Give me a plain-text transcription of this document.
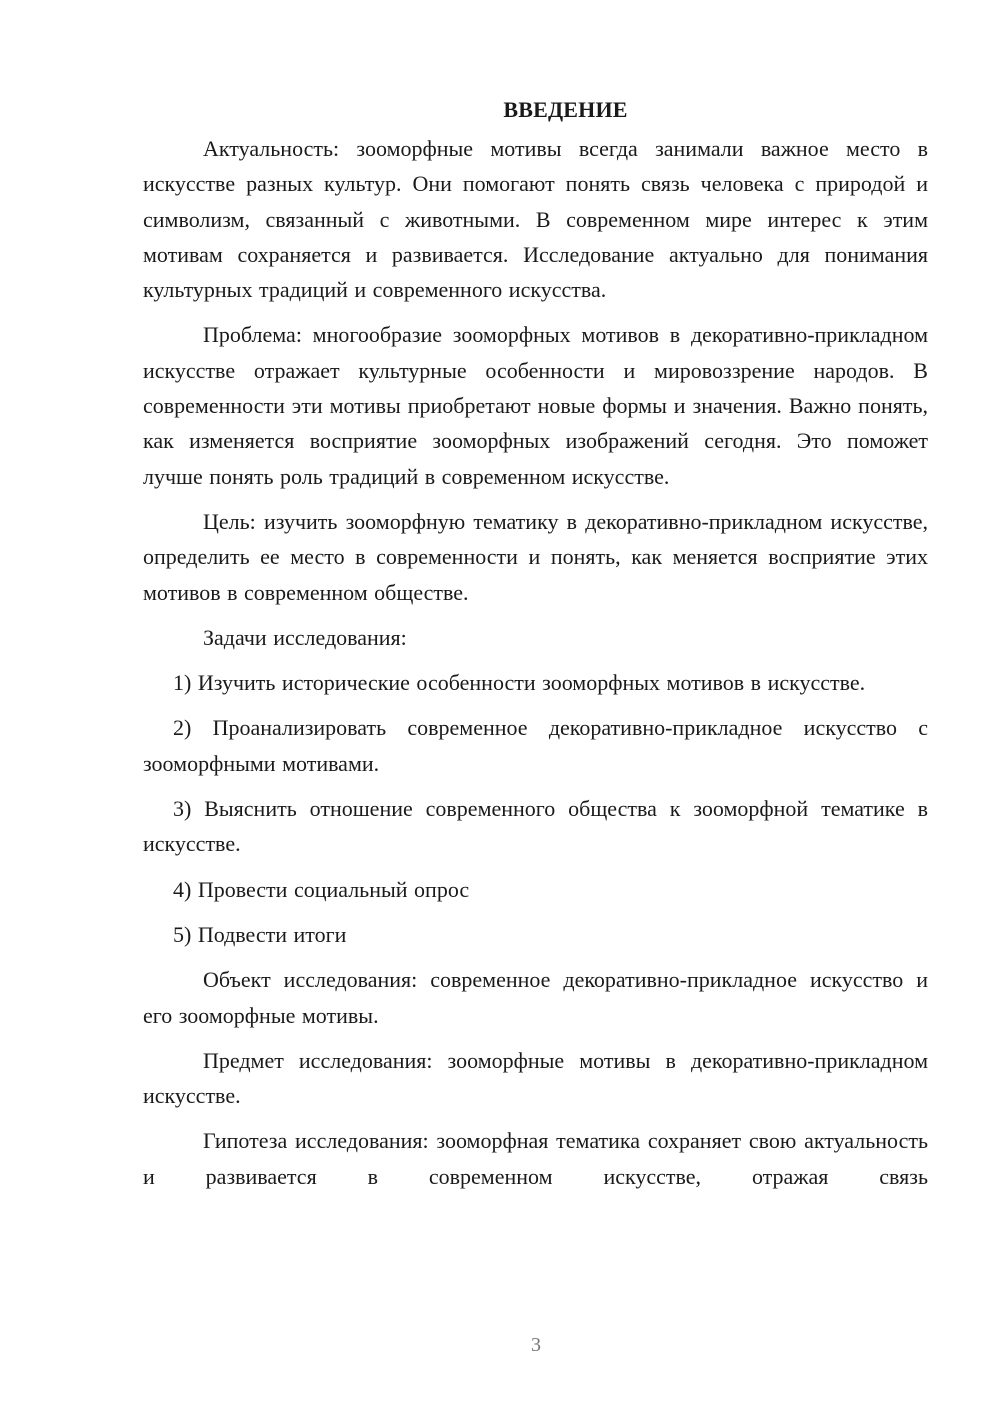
ВВЕДЕНИЕ

Актуальность: зооморфные мотивы всегда занимали важное место в искусстве разных культур. Они помогают понять связь человека с природой и символизм, связанный с животными. В современном мире интерес к этим мотивам сохраняется и развивается. Исследование актуально для понимания культурных традиций и современного искусства.

Проблема: многообразие зооморфных мотивов в декоративно-прикладном искусстве отражает культурные особенности и мировоззрение народов. В современности эти мотивы приобретают новые формы и значения. Важно понять, как изменяется восприятие зооморфных изображений сегодня. Это поможет лучше понять роль традиций в современном искусстве.

Цель: изучить зооморфную тематику в декоративно-прикладном искусстве, определить ее место в современности и понять, как меняется восприятие этих мотивов в современном обществе.

Задачи исследования:

1) Изучить исторические особенности зооморфных мотивов в искусстве.

2) Проанализировать современное декоративно-прикладное искусство с зооморфными мотивами.

3) Выяснить отношение современного общества к зооморфной тематике в искусстве.

4) Провести социальный опрос

5) Подвести итоги

Объект исследования: современное декоративно-прикладное искусство и его зооморфные мотивы.

Предмет исследования: зооморфные мотивы в декоративно-прикладном искусстве.

Гипотеза исследования: зооморфная тематика сохраняет свою актуальность и развивается в современном искусстве, отражая связь

3
